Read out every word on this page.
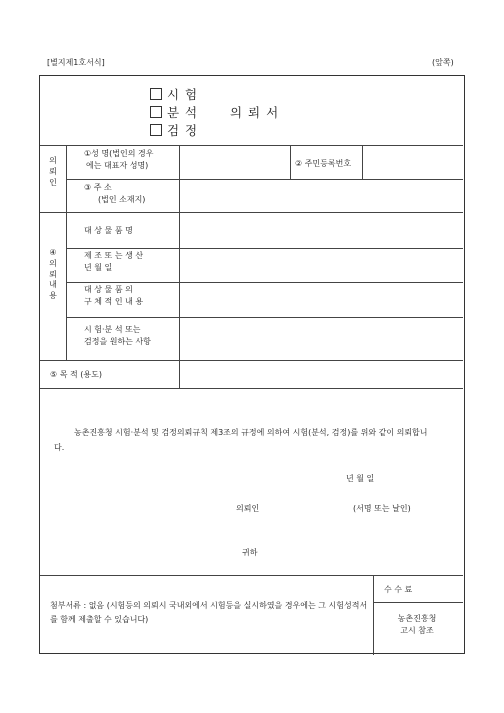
[별지제1호서식]	(앞쪽)
시 험
분 석
검 정
의 뢰 서
의
뢰
인
①성 명(법인의 경우
에는 대표자 성명)	② 주민등록번호
③ 주 소
(법인 소재지)
④
의
뢰
내
용
대 상 물 품 명
제 조 또 는 생 산
년 월 일
대 상 물 품 의
구 체 적 인 내 용
시 험·분 석 또는
검정을 원하는 사항
⑤ 목 적 (용도)
농촌진흥청 시험·분석 및 검정의뢰규칙 제3조의 규정에 의하여 시험(분석, 검정)를 위와 같이 의뢰합니다.
년 월 일
의뢰인	(서명 또는 날인)
귀하
첨부서류 : 없음 (시험등의 의뢰시 국내외에서 시험등을 실시하였을 경우에는 그 시험성적서를 함께 제출할 수 있습니다)
수 수 료
농촌진흥청
고시 참조
